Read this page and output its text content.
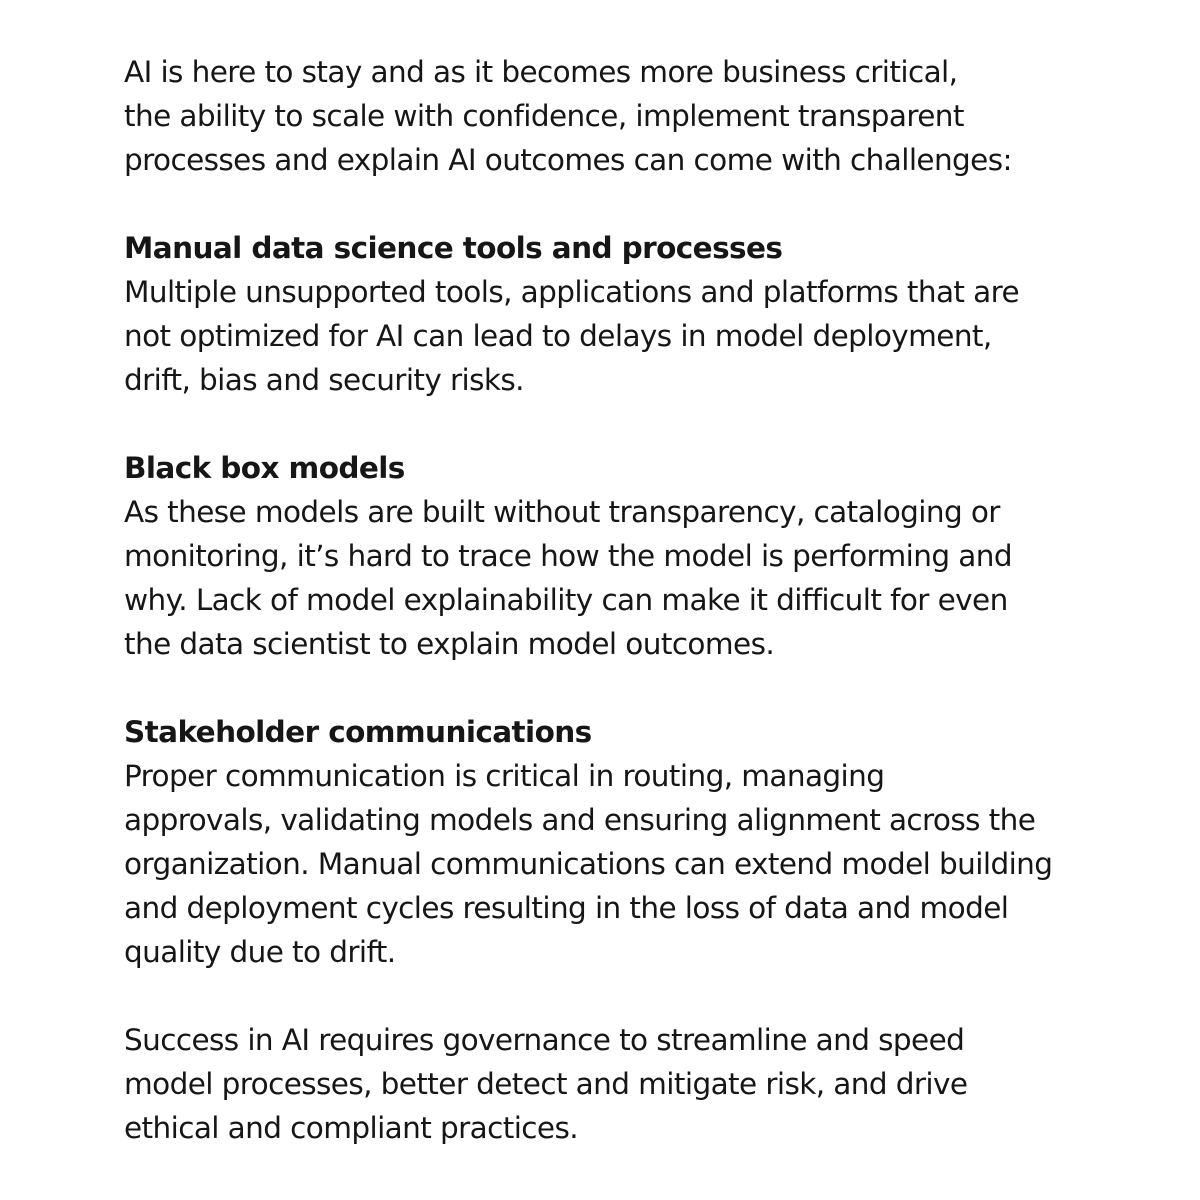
AI is here to stay and as it becomes more business critical,
the ability to scale with confidence, implement transparent
processes and explain AI outcomes can come with challenges:
Manual data science tools and processes
Multiple unsupported tools, applications and platforms that are
not optimized for AI can lead to delays in model deployment,
drift, bias and security risks.
Black box models
As these models are built without transparency, cataloging or
monitoring, it’s hard to trace how the model is performing and
why. Lack of model explainability can make it difficult for even
the data scientist to explain model outcomes.
Stakeholder communications
Proper communication is critical in routing, managing
approvals, validating models and ensuring alignment across the
organization. Manual communications can extend model building
and deployment cycles resulting in the loss of data and model
quality due to drift.
Success in AI requires governance to streamline and speed
model processes, better detect and mitigate risk, and drive
ethical and compliant practices.
